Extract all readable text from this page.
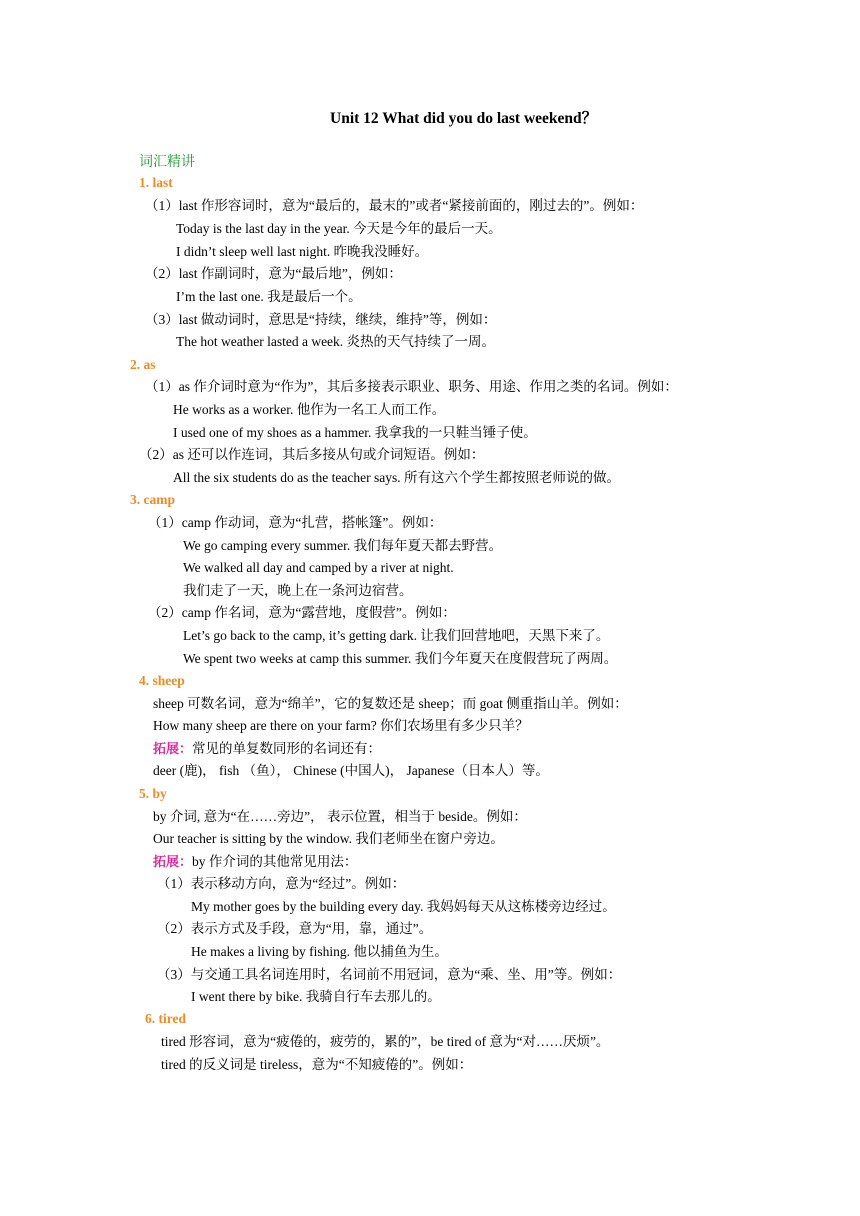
Unit 12 What did you do last weekend？
词汇精讲
1. last
（1）last 作形容词时，意为“最后的，最末的”或者“紧接前面的，刚过去的”。例如：
Today is the last day in the year. 今天是今年的最后一天。
I didn’t sleep well last night. 昨晚我没睡好。
（2）last 作副词时，意为“最后地”，例如：
I’m the last one. 我是最后一个。
（3）last 做动词时，意思是“持续，继续，维持”等，例如：
The hot weather lasted a week. 炎热的天气持续了一周。
2. as
（1）as 作介词时意为“作为”，其后多接表示职业、职务、用途、作用之类的名词。例如：
He works as a worker. 他作为一名工人而工作。
I used one of my shoes as a hammer. 我拿我的一只鞋当锤子使。
（2）as 还可以作连词，其后多接从句或介词短语。例如：
All the six students do as the teacher says. 所有这六个学生都按照老师说的做。
3. camp
（1）camp 作动词，意为“扎营，搭帐篷”。例如：
We go camping every summer. 我们每年夏天都去野营。
We walked all day and camped by a river at night.
我们走了一天，晚上在一条河边宿营。
（2）camp 作名词，意为“露营地，度假营”。例如：
Let’s go back to the camp, it’s getting dark. 让我们回营地吧，天黑下来了。
We spent two weeks at camp this summer. 我们今年夏天在度假营玩了两周。
4. sheep
sheep 可数名词，意为“绵羊”，它的复数还是 sheep；而 goat 侧重指山羊。例如：
How many sheep are there on your farm? 你们农场里有多少只羊？
拓展：常见的单复数同形的名词还有：
deer (鹿)， fish （鱼）， Chinese (中国人)， Japanese（日本人）等。
5. by
by 介词, 意为“在……旁边”， 表示位置，相当于 beside。例如：
Our teacher is sitting by the window. 我们老师坐在窗户旁边。
拓展：by 作介词的其他常见用法：
（1）表示移动方向，意为“经过”。例如：
My mother goes by the building every day. 我妈妈每天从这栋楼旁边经过。
（2）表示方式及手段，意为“用，靠，通过”。
He makes a living by fishing. 他以捕鱼为生。
（3）与交通工具名词连用时，名词前不用冠词，意为“乘、坐、用”等。例如：
I went there by bike. 我骑自行车去那儿的。
6. tired
tired 形容词，意为“疲倦的，疲劳的，累的”，be tired of 意为“对……厌烦”。
tired 的反义词是 tireless，意为“不知疲倦的”。例如：
